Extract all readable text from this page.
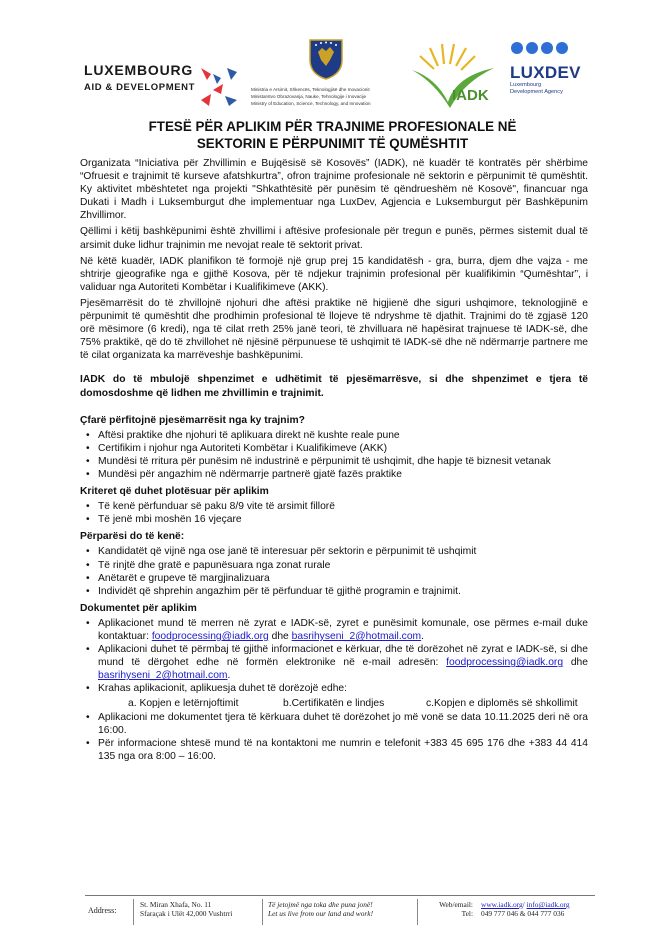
LUXEMBOURG
AID & DEVELOPMENT	Ministria e Arsimit, Shkencës, Teknologjisë dhe Inovacionit
Ministarstvo Obrazovanja, Nauke, Tehnologije i Inovacije
Ministry of Education, Science, Technology, and Innovation	IADK
LUXDEV
Luxembourg
Development Agency
FTESË PËR APLIKIM PËR TRAJNIME PROFESIONALE NË
SEKTORIN E PËRPUNIMIT TË QUMËSHTIT

Organizata “Iniciativa për Zhvillimin e Bujqësisë së Kosovës” (IADK), në kuadër të kontratës për shërbime “Ofruesit e trajnimit të kurseve afatshkurtra”, ofron trajnime profesionale në sektorin e përpunimit të qumështit. Ky aktivitet mbështetet nga projekti "Shkathtësitë për punësim të qëndrueshëm në Kosovë", financuar nga Dukati i Madh i Luksemburgut dhe implementuar nga LuxDev, Agjencia e Luksemburgut për Bashkëpunim Zhvillimor.

Qëllimi i këtij bashkëpunimi është zhvillimi i aftësive profesionale për tregun e punës, përmes sistemit dual të arsimit duke lidhur trajnimin me nevojat reale të sektorit privat.

Në këtë kuadër, IADK planifikon të formojë një grup prej 15 kandidatësh - gra, burra, djem dhe vajza - me shtrirje gjeografike nga e gjithë Kosova, për të ndjekur trajnimin profesional për kualifikimin “Qumështar”, i validuar nga Autoriteti Kombëtar i Kualifikimeve (AKK).

Pjesëmarrësit do të zhvillojnë njohuri dhe aftësi praktike në higjienë dhe siguri ushqimore, teknologjinë e përpunimit të qumështit dhe prodhimin profesional të llojeve të ndryshme të djathit. Trajnimi do të zgjasë 120 orë mësimore (6 kredi), nga të cilat rreth 25% janë teori, të zhvilluara në hapësirat trajnuese të IADK-së, dhe 75% praktikë, që do të zhvillohet në njësinë përpunuese të ushqimit të IADK-së dhe në ndërmarrje partnere me të cilat organizata ka marrëveshje bashkëpunimi.

IADK do të mbulojë shpenzimet e udhëtimit të pjesëmarrësve, si dhe shpenzimet e tjera të domosdoshme që lidhen me zhvillimin e trajnimit.

Çfarë përfitojnë pjesëmarrësit nga ky trajnim?
• Aftësi praktike dhe njohuri të aplikuara direkt në kushte reale pune
• Certifikim i njohur nga Autoriteti Kombëtar i Kualifikimeve (AKK)
• Mundësi të rritura për punësim në industrinë e përpunimit të ushqimit, dhe hapje të biznesit vetanak
• Mundësi për angazhim në ndërmarrje partnerë gjatë fazës praktike
Kriteret që duhet plotësuar për aplikim
• Të kenë përfunduar së paku 8/9 vite të arsimit fillorë
• Të jenë mbi moshën 16 vjeçare
Përparësi do të kenë:
• Kandidatët që vijnë nga ose janë të interesuar për sektorin e përpunimit të ushqimit
• Të rinjtë dhe gratë e papunësuara nga zonat rurale
• Anëtarët e grupeve të margjinalizuara
• Individët që shprehin angazhim për të përfunduar të gjithë programin e trajnimit.
Dokumentet për aplikim
• Aplikacionet mund të merren në zyrat e IADK-së, zyret e punësimit komunale, ose përmes e-mail duke kontaktuar: foodprocessing@iadk.org dhe basrihyseni_2@hotmail.com.
• Aplikacioni duhet të përmbaj të gjithë informacionet e kërkuar, dhe të dorëzohet në zyrat e IADK-së, si dhe mund të dërgohet edhe në formën elektronike në e-mail adresën: foodprocessing@iadk.org dhe basrihyseni_2@hotmail.com.
• Krahas aplikacionit, aplikuesja duhet të dorëzojë edhe:
a. Kopjen e letërnjoftimit	b.Certifikatën e lindjes	c.Kopjen e diplomës së shkollimit
• Aplikacioni me dokumentet tjera të kërkuara duhet të dorëzohet jo më vonë se data 10.11.2025 deri në ora 16:00.
• Për informacione shtesë mund të na kontaktoni me numrin e telefonit +383 45 695 176 dhe +383 44 414 135 nga ora 8:00 – 16:00.
Address:
St. Miran Xhafa, No. 11
Sfaraçak i Ulët 42,000 Vushtrri
Të jetojmë nga toka dhe puna jonë!
Let us live from our land and work!
Web/email:
Tel:
www.iadk.org/ info@iadk.org
049 777 046 & 044 777 036
